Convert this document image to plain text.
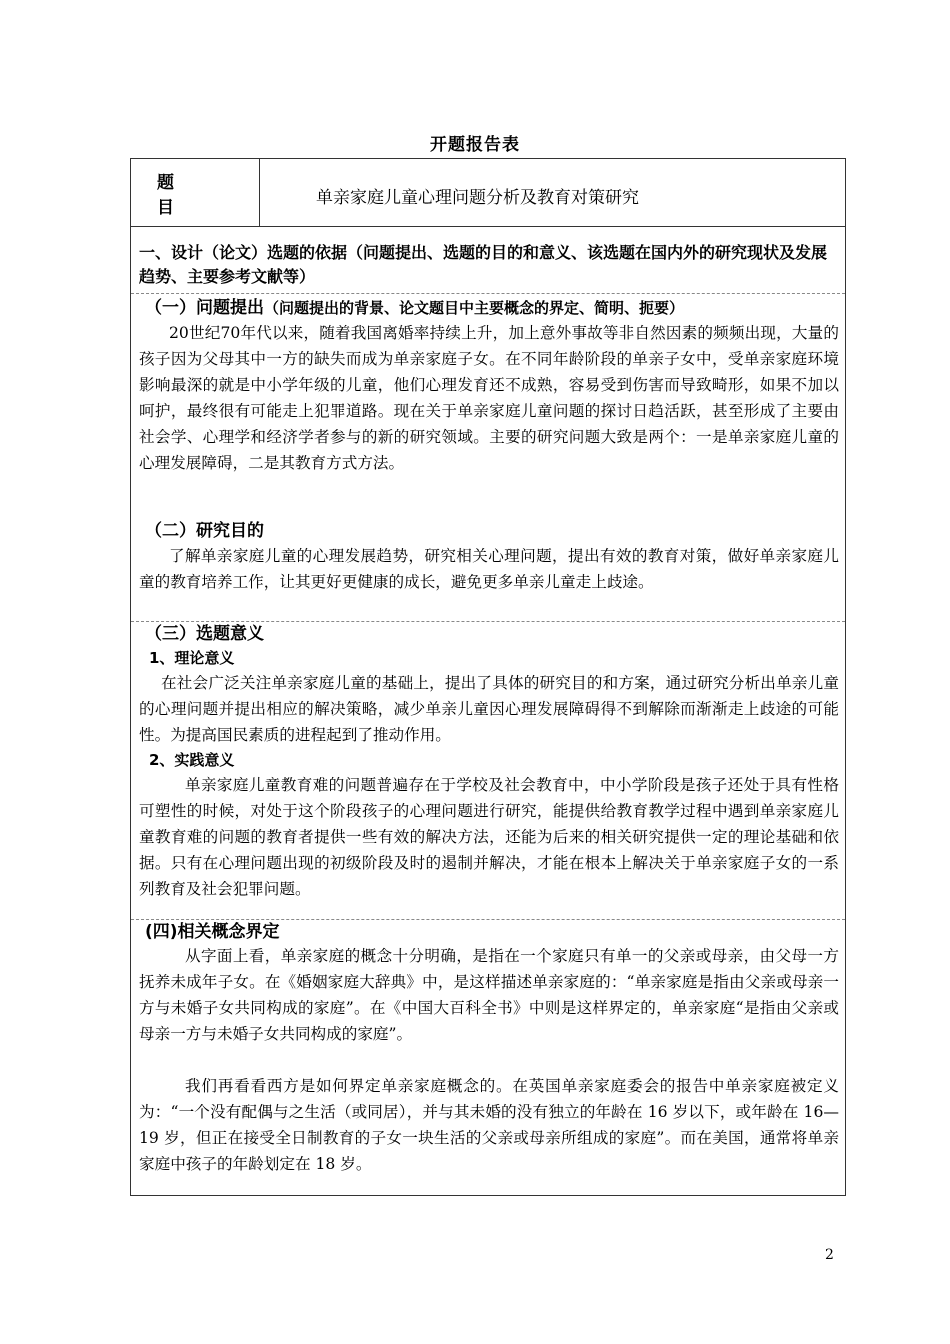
开题报告表
题 目	单亲家庭儿童心理问题分析及教育对策研究
一、设计（论文）选题的依据（问题提出、选题的目的和意义、该选题在国内外的研究现状及发展趋势、主要参考文献等）
（一）问题提出（问题提出的背景、论文题目中主要概念的界定、简明、扼要）
20世纪70年代以来，随着我国离婚率持续上升，加上意外事故等非自然因素的频频出现，大量的孩子因为父母其中一方的缺失而成为单亲家庭子女。在不同年龄阶段的单亲子女中，受单亲家庭环境影响最深的就是中小学年级的儿童，他们心理发育还不成熟，容易受到伤害而导致畸形，如果不加以呵护，最终很有可能走上犯罪道路。现在关于单亲家庭儿童问题的探讨日趋活跃，甚至形成了主要由社会学、心理学和经济学者参与的新的研究领域。主要的研究问题大致是两个：一是单亲家庭儿童的心理发展障碍，二是其教育方式方法。
（二）研究目的
了解单亲家庭儿童的心理发展趋势，研究相关心理问题，提出有效的教育对策，做好单亲家庭儿童的教育培养工作，让其更好更健康的成长，避免更多单亲儿童走上歧途。
（三）选题意义
1、理论意义
在社会广泛关注单亲家庭儿童的基础上，提出了具体的研究目的和方案，通过研究分析出单亲儿童的心理问题并提出相应的解决策略，减少单亲儿童因心理发展障碍得不到解除而渐渐走上歧途的可能性。为提高国民素质的进程起到了推动作用。
2、实践意义
单亲家庭儿童教育难的问题普遍存在于学校及社会教育中，中小学阶段是孩子还处于具有性格可塑性的时候，对处于这个阶段孩子的心理问题进行研究，能提供给教育教学过程中遇到单亲家庭儿童教育难的问题的教育者提供一些有效的解决方法，还能为后来的相关研究提供一定的理论基础和依据。只有在心理问题出现的初级阶段及时的遏制并解决，才能在根本上解决关于单亲家庭子女的一系列教育及社会犯罪问题。
(四)相关概念界定
从字面上看，单亲家庭的概念十分明确，是指在一个家庭只有单一的父亲或母亲，由父母一方抚养未成年子女。在《婚姻家庭大辞典》中，是这样描述单亲家庭的：“单亲家庭是指由父亲或母亲一方与未婚子女共同构成的家庭”。在《中国大百科全书》中则是这样界定的，单亲家庭“是指由父亲或母亲一方与未婚子女共同构成的家庭”。
我们再看看西方是如何界定单亲家庭概念的。在英国单亲家庭委会的报告中单亲家庭被定义为：“一个没有配偶与之生活（或同居），并与其未婚的没有独立的年龄在 16 岁以下，或年龄在 16—19 岁，但正在接受全日制教育的子女一块生活的父亲或母亲所组成的家庭”。而在美国，通常将单亲家庭中孩子的年龄划定在 18 岁。
2
